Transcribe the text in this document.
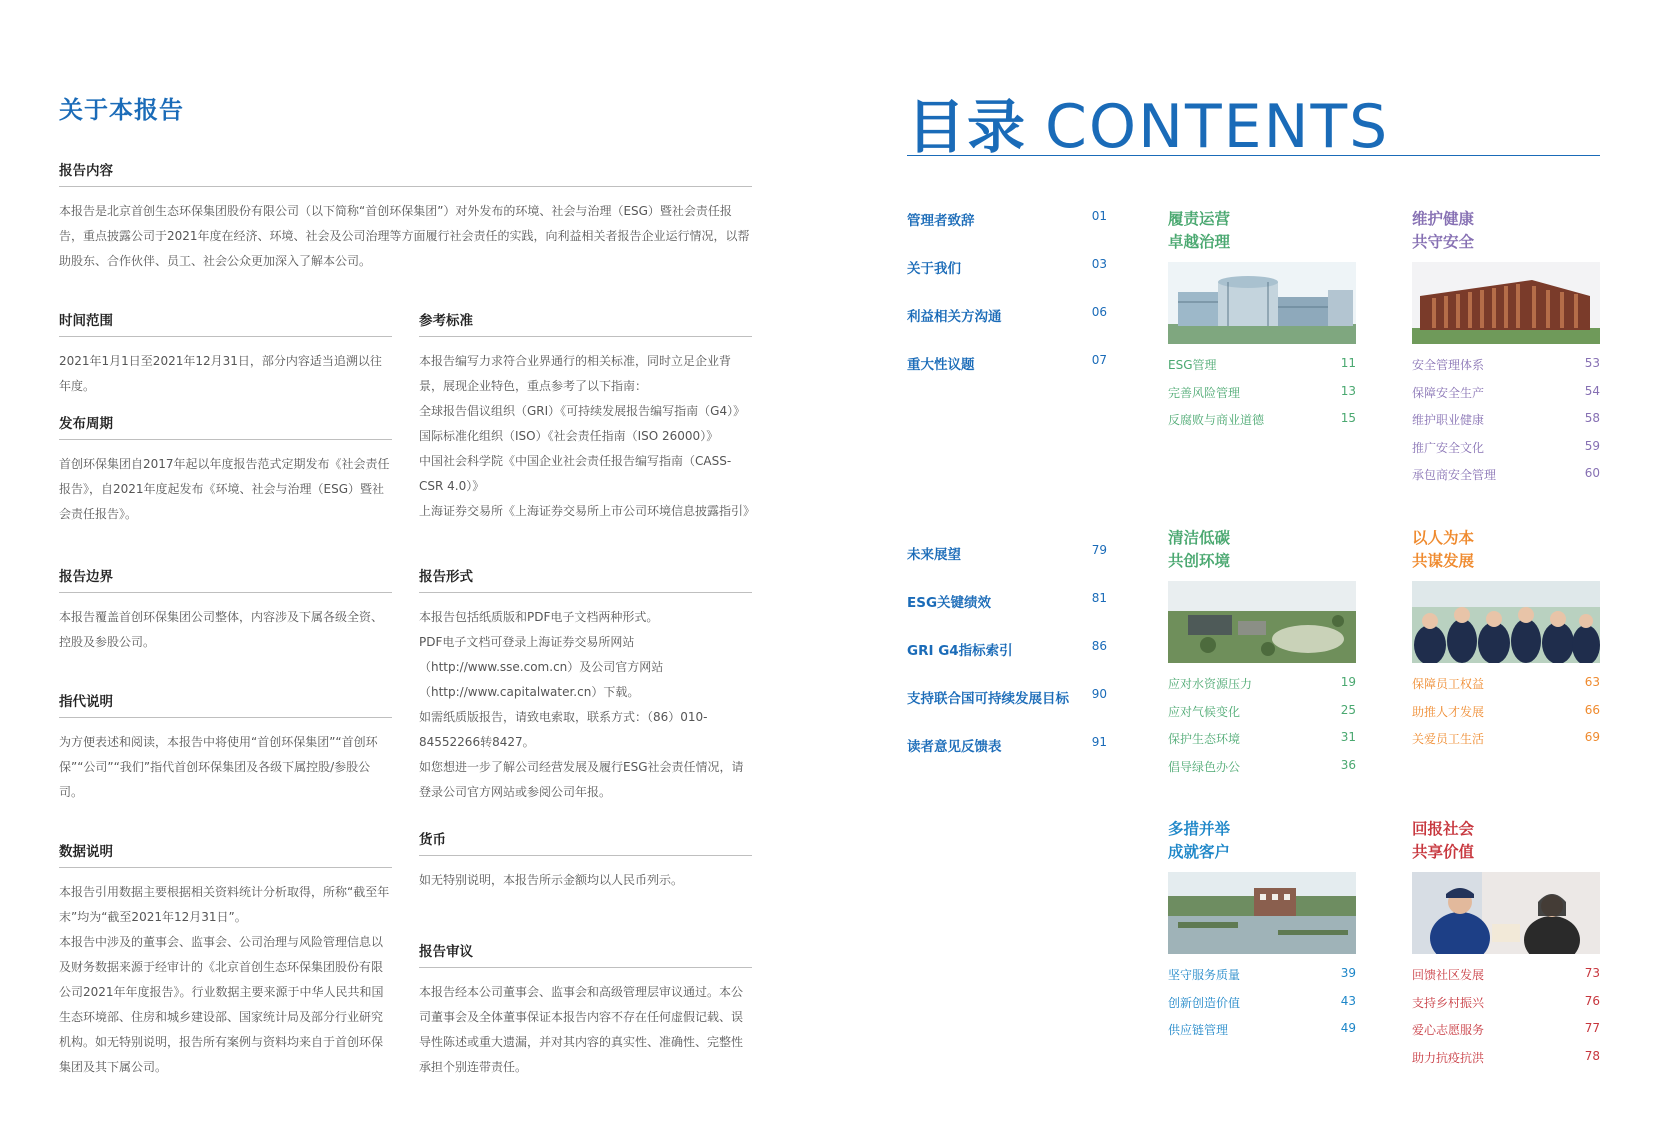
关于本报告
报告内容

本报告是北京首创生态环保集团股份有限公司（以下简称“首创环保集团”）对外发布的环境、社会与治理（ESG）暨社会责任报告，重点披露公司于2021年度在经济、环境、社会及公司治理等方面履行社会责任的实践，向利益相关者报告企业运行情况，以帮助股东、合作伙伴、员工、社会公众更加深入了解本公司。

时间范围

2021年1月1日至2021年12月31日，部分内容适当追溯以往年度。

发布周期

首创环保集团自2017年起以年度报告范式定期发布《社会责任报告》，自2021年度起发布《环境、社会与治理（ESG）暨社会责任报告》。

报告边界

本报告覆盖首创环保集团公司整体，内容涉及下属各级全资、控股及参股公司。

指代说明

为方便表述和阅读，本报告中将使用“首创环保集团”“首创环保”“公司”“我们”指代首创环保集团及各级下属控股/参股公司。

数据说明

本报告引用数据主要根据相关资料统计分析取得，所称“截至年末”均为“截至2021年12月31日”。

本报告中涉及的董事会、监事会、公司治理与风险管理信息以及财务数据来源于经审计的《北京首创生态环保集团股份有限公司2021年年度报告》。行业数据主要来源于中华人民共和国生态环境部、住房和城乡建设部、国家统计局及部分行业研究机构。如无特别说明，报告所有案例与资料均来自于首创环保集团及其下属公司。

参考标准

本报告编写力求符合业界通行的相关标准，同时立足企业背景，展现企业特色，重点参考了以下指南：

全球报告倡议组织（GRI）《可持续发展报告编写指南（G4）》

国际标准化组织（ISO）《社会责任指南（ISO 26000）》

中国社会科学院《中国企业社会责任报告编写指南（CASS-CSR 4.0）》

上海证券交易所《上海证券交易所上市公司环境信息披露指引》

报告形式

本报告包括纸质版和PDF电子文档两种形式。

PDF电子文档可登录上海证券交易所网站（http://www.sse.com.cn）及公司官方网站（http://www.capitalwater.cn）下载。

如需纸质版报告，请致电索取，联系方式：（86）010-84552266转8427。

如您想进一步了解公司经营发展及履行ESG社会责任情况，请登录公司官方网站或参阅公司年报。

货币

如无特别说明，本报告所示金额均以人民币列示。

报告审议

本报告经本公司董事会、监事会和高级管理层审议通过。本公司董事会及全体董事保证本报告内容不存在任何虚假记载、误导性陈述或重大遗漏，并对其内容的真实性、准确性、完整性承担个别连带责任。

目录 CONTENTS
管理者致辞	01
关于我们	03
利益相关方沟通	06
重大性议题	07
未来展望	79
ESG关键绩效	81
GRI G4指标索引	86
支持联合国可持续发展目标 90
读者意见反馈表	91
履责运营
卓越治理 01
ESG管理	11
完善风险管理	13
反腐败与商业道德	15
维护健康
共守安全 04
安全管理体系	53
保障安全生产	54
维护职业健康	58
推广安全文化	59
承包商安全管理	60
清洁低碳
共创环境 02
应对水资源压力	19
应对气候变化	25
保护生态环境	31
倡导绿色办公	36
以人为本
共谋发展 05
保障员工权益	63
助推人才发展	66
关爱员工生活	69
多措并举
成就客户 03
坚守服务质量	39
创新创造价值	43
供应链管理	49
回报社会
共享价值 06
回馈社区发展	73
支持乡村振兴	76
爱心志愿服务	77
助力抗疫抗洪	78
